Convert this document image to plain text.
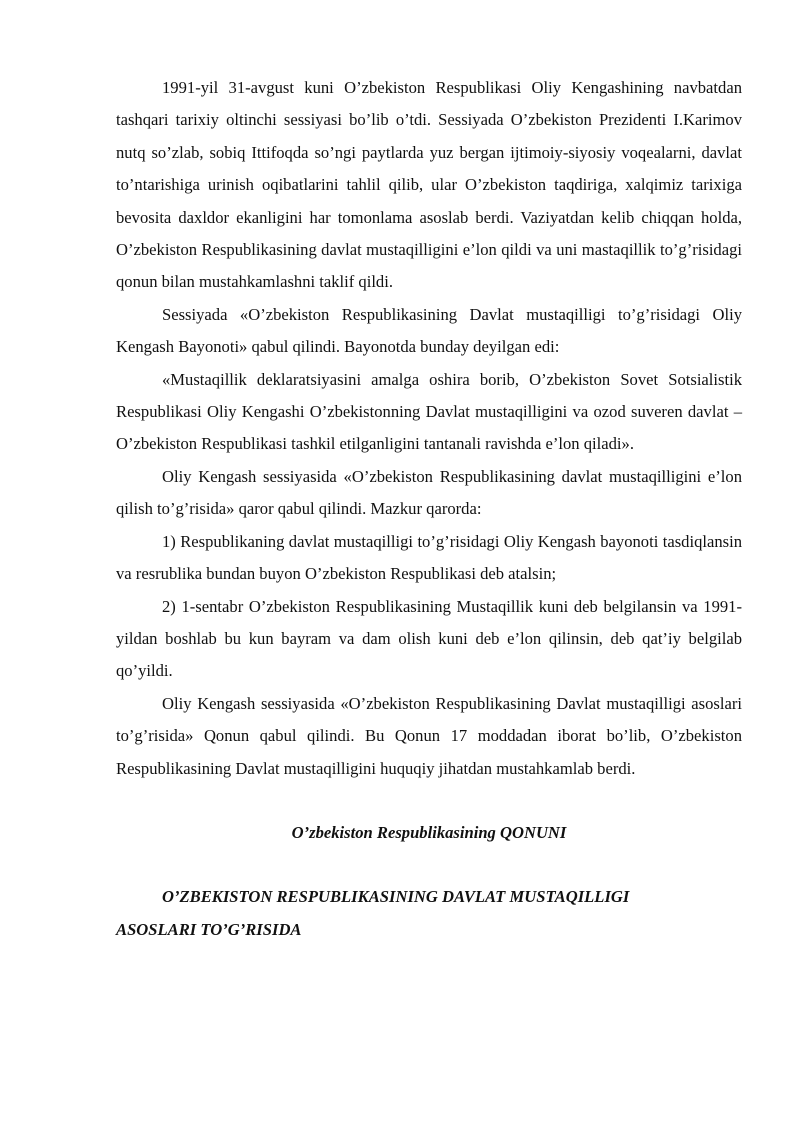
1991-yil 31-avgust kuni O’zbekiston Respublikasi Oliy Kengashining navbatdan tashqari tarixiy oltinchi sessiyasi bo’lib o’tdi. Sessiyada O’zbekiston Prezidenti I.Karimov nutq so’zlab, sobiq Ittifoqda so’ngi paytlarda yuz bergan ijtimoiy-siyosiy voqealarni, davlat to’ntarishiga urinish oqibatlarini tahlil qilib, ular O’zbekiston taqdiriga, xalqimiz tarixiga bevosita daxldor ekanligini har tomonlama asoslab berdi. Vaziyatdan kelib chiqqan holda, O’zbekiston Respublikasining davlat mustaqilligini e’lon qildi va uni mastaqillik to’g’risidagi qonun bilan mustahkamlashni taklif qildi.

Sessiyada «O’zbekiston Respublikasining Davlat mustaqilligi to’g’risidagi Oliy Kengash Bayonoti» qabul qilindi. Bayonotda bunday deyilgan edi:

«Mustaqillik deklaratsiyasini amalga oshira borib, O’zbekiston Sovet Sotsialistik Respublikasi Oliy Kengashi O’zbekistonning Davlat mustaqilligini va ozod suveren davlat – O’zbekiston Respublikasi tashkil etilganligini tantanali ravishda e’lon qiladi».

Oliy Kengash sessiyasida «O’zbekiston Respublikasining davlat mustaqilligini e’lon qilish to’g’risida» qaror qabul qilindi. Mazkur qarorda:

1) Respublikaning davlat mustaqilligi to’g’risidagi Oliy Kengash bayonoti tasdiqlansin va resrublika bundan buyon O’zbekiston Respublikasi deb atalsin;

2) 1-sentabr O’zbekiston Respublikasining Mustaqillik kuni deb belgilansin va 1991-yildan boshlab bu kun bayram va dam olish kuni deb e’lon qilinsin, deb qat’iy belgilab qo’yildi.

Oliy Kengash sessiyasida «O’zbekiston Respublikasining Davlat mustaqilligi asoslari to’g’risida» Qonun qabul qilindi. Bu Qonun 17 moddadan iborat bo’lib, O’zbekiston Respublikasining Davlat mustaqilligini huquqiy jihatdan mustahkamlab berdi.

O’zbekiston Respublikasining QONUNI

O’ZBEKISTON RESPUBLIKASINING DAVLAT MUSTAQILLIGI

ASOSLARI TO’G’RISIDA
